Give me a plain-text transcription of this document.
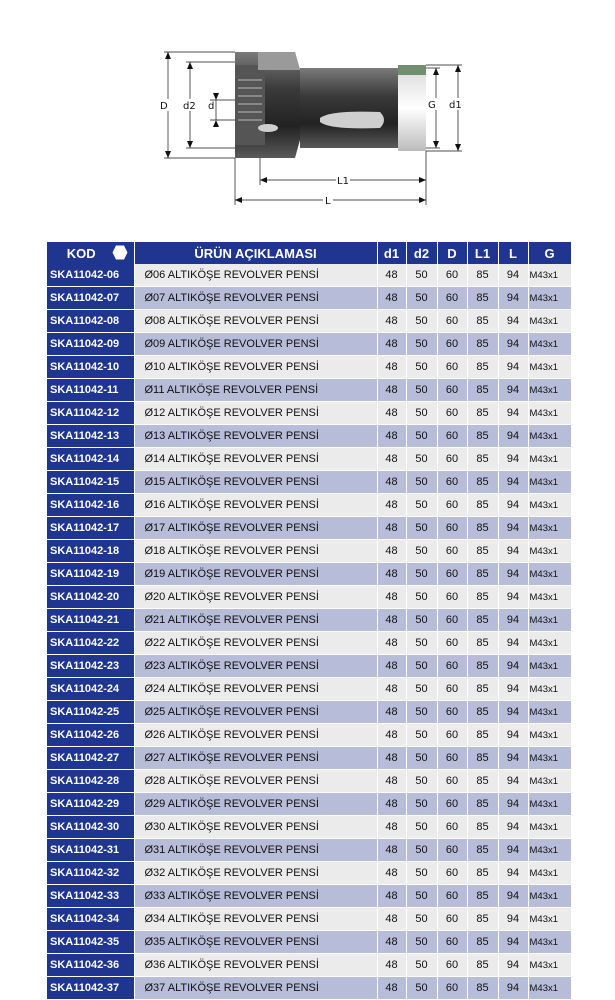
D d2 d	G d1
L1
L
KOD	ÜRÜN AÇIKLAMASI	d1	d2	D	L1	L	G
SKA11042-06	Ø06 ALTIKÖŞE REVOLVER PENSİ	48	50	60	85	94	M43x1
SKA11042-07	Ø07 ALTIKÖŞE REVOLVER PENSİ	48	50	60	85	94	M43x1
SKA11042-08	Ø08 ALTIKÖŞE REVOLVER PENSİ	48	50	60	85	94	M43x1
SKA11042-09	Ø09 ALTIKÖŞE REVOLVER PENSİ	48	50	60	85	94	M43x1
SKA11042-10	Ø10 ALTIKÖŞE REVOLVER PENSİ	48	50	60	85	94	M43x1
SKA11042-11	Ø11 ALTIKÖŞE REVOLVER PENSİ	48	50	60	85	94	M43x1
SKA11042-12	Ø12 ALTIKÖŞE REVOLVER PENSİ	48	50	60	85	94	M43x1
SKA11042-13	Ø13 ALTIKÖŞE REVOLVER PENSİ	48	50	60	85	94	M43x1
SKA11042-14	Ø14 ALTIKÖŞE REVOLVER PENSİ	48	50	60	85	94	M43x1
SKA11042-15	Ø15 ALTIKÖŞE REVOLVER PENSİ	48	50	60	85	94	M43x1
SKA11042-16	Ø16 ALTIKÖŞE REVOLVER PENSİ	48	50	60	85	94	M43x1
SKA11042-17	Ø17 ALTIKÖŞE REVOLVER PENSİ	48	50	60	85	94	M43x1
SKA11042-18	Ø18 ALTIKÖŞE REVOLVER PENSİ	48	50	60	85	94	M43x1
SKA11042-19	Ø19 ALTIKÖŞE REVOLVER PENSİ	48	50	60	85	94	M43x1
SKA11042-20	Ø20 ALTIKÖŞE REVOLVER PENSİ	48	50	60	85	94	M43x1
SKA11042-21	Ø21 ALTIKÖŞE REVOLVER PENSİ	48	50	60	85	94	M43x1
SKA11042-22	Ø22 ALTIKÖŞE REVOLVER PENSİ	48	50	60	85	94	M43x1
SKA11042-23	Ø23 ALTIKÖŞE REVOLVER PENSİ	48	50	60	85	94	M43x1
SKA11042-24	Ø24 ALTIKÖŞE REVOLVER PENSİ	48	50	60	85	94	M43x1
SKA11042-25	Ø25 ALTIKÖŞE REVOLVER PENSİ	48	50	60	85	94	M43x1
SKA11042-26	Ø26 ALTIKÖŞE REVOLVER PENSİ	48	50	60	85	94	M43x1
SKA11042-27	Ø27 ALTIKÖŞE REVOLVER PENSİ	48	50	60	85	94	M43x1
SKA11042-28	Ø28 ALTIKÖŞE REVOLVER PENSİ	48	50	60	85	94	M43x1
SKA11042-29	Ø29 ALTIKÖŞE REVOLVER PENSİ	48	50	60	85	94	M43x1
SKA11042-30	Ø30 ALTIKÖŞE REVOLVER PENSİ	48	50	60	85	94	M43x1
SKA11042-31	Ø31 ALTIKÖŞE REVOLVER PENSİ	48	50	60	85	94	M43x1
SKA11042-32	Ø32 ALTIKÖŞE REVOLVER PENSİ	48	50	60	85	94	M43x1
SKA11042-33	Ø33 ALTIKÖŞE REVOLVER PENSİ	48	50	60	85	94	M43x1
SKA11042-34	Ø34 ALTIKÖŞE REVOLVER PENSİ	48	50	60	85	94	M43x1
SKA11042-35	Ø35 ALTIKÖŞE REVOLVER PENSİ	48	50	60	85	94	M43x1
SKA11042-36	Ø36 ALTIKÖŞE REVOLVER PENSİ	48	50	60	85	94	M43x1
SKA11042-37	Ø37 ALTIKÖŞE REVOLVER PENSİ	48	50	60	85	94	M43x1
